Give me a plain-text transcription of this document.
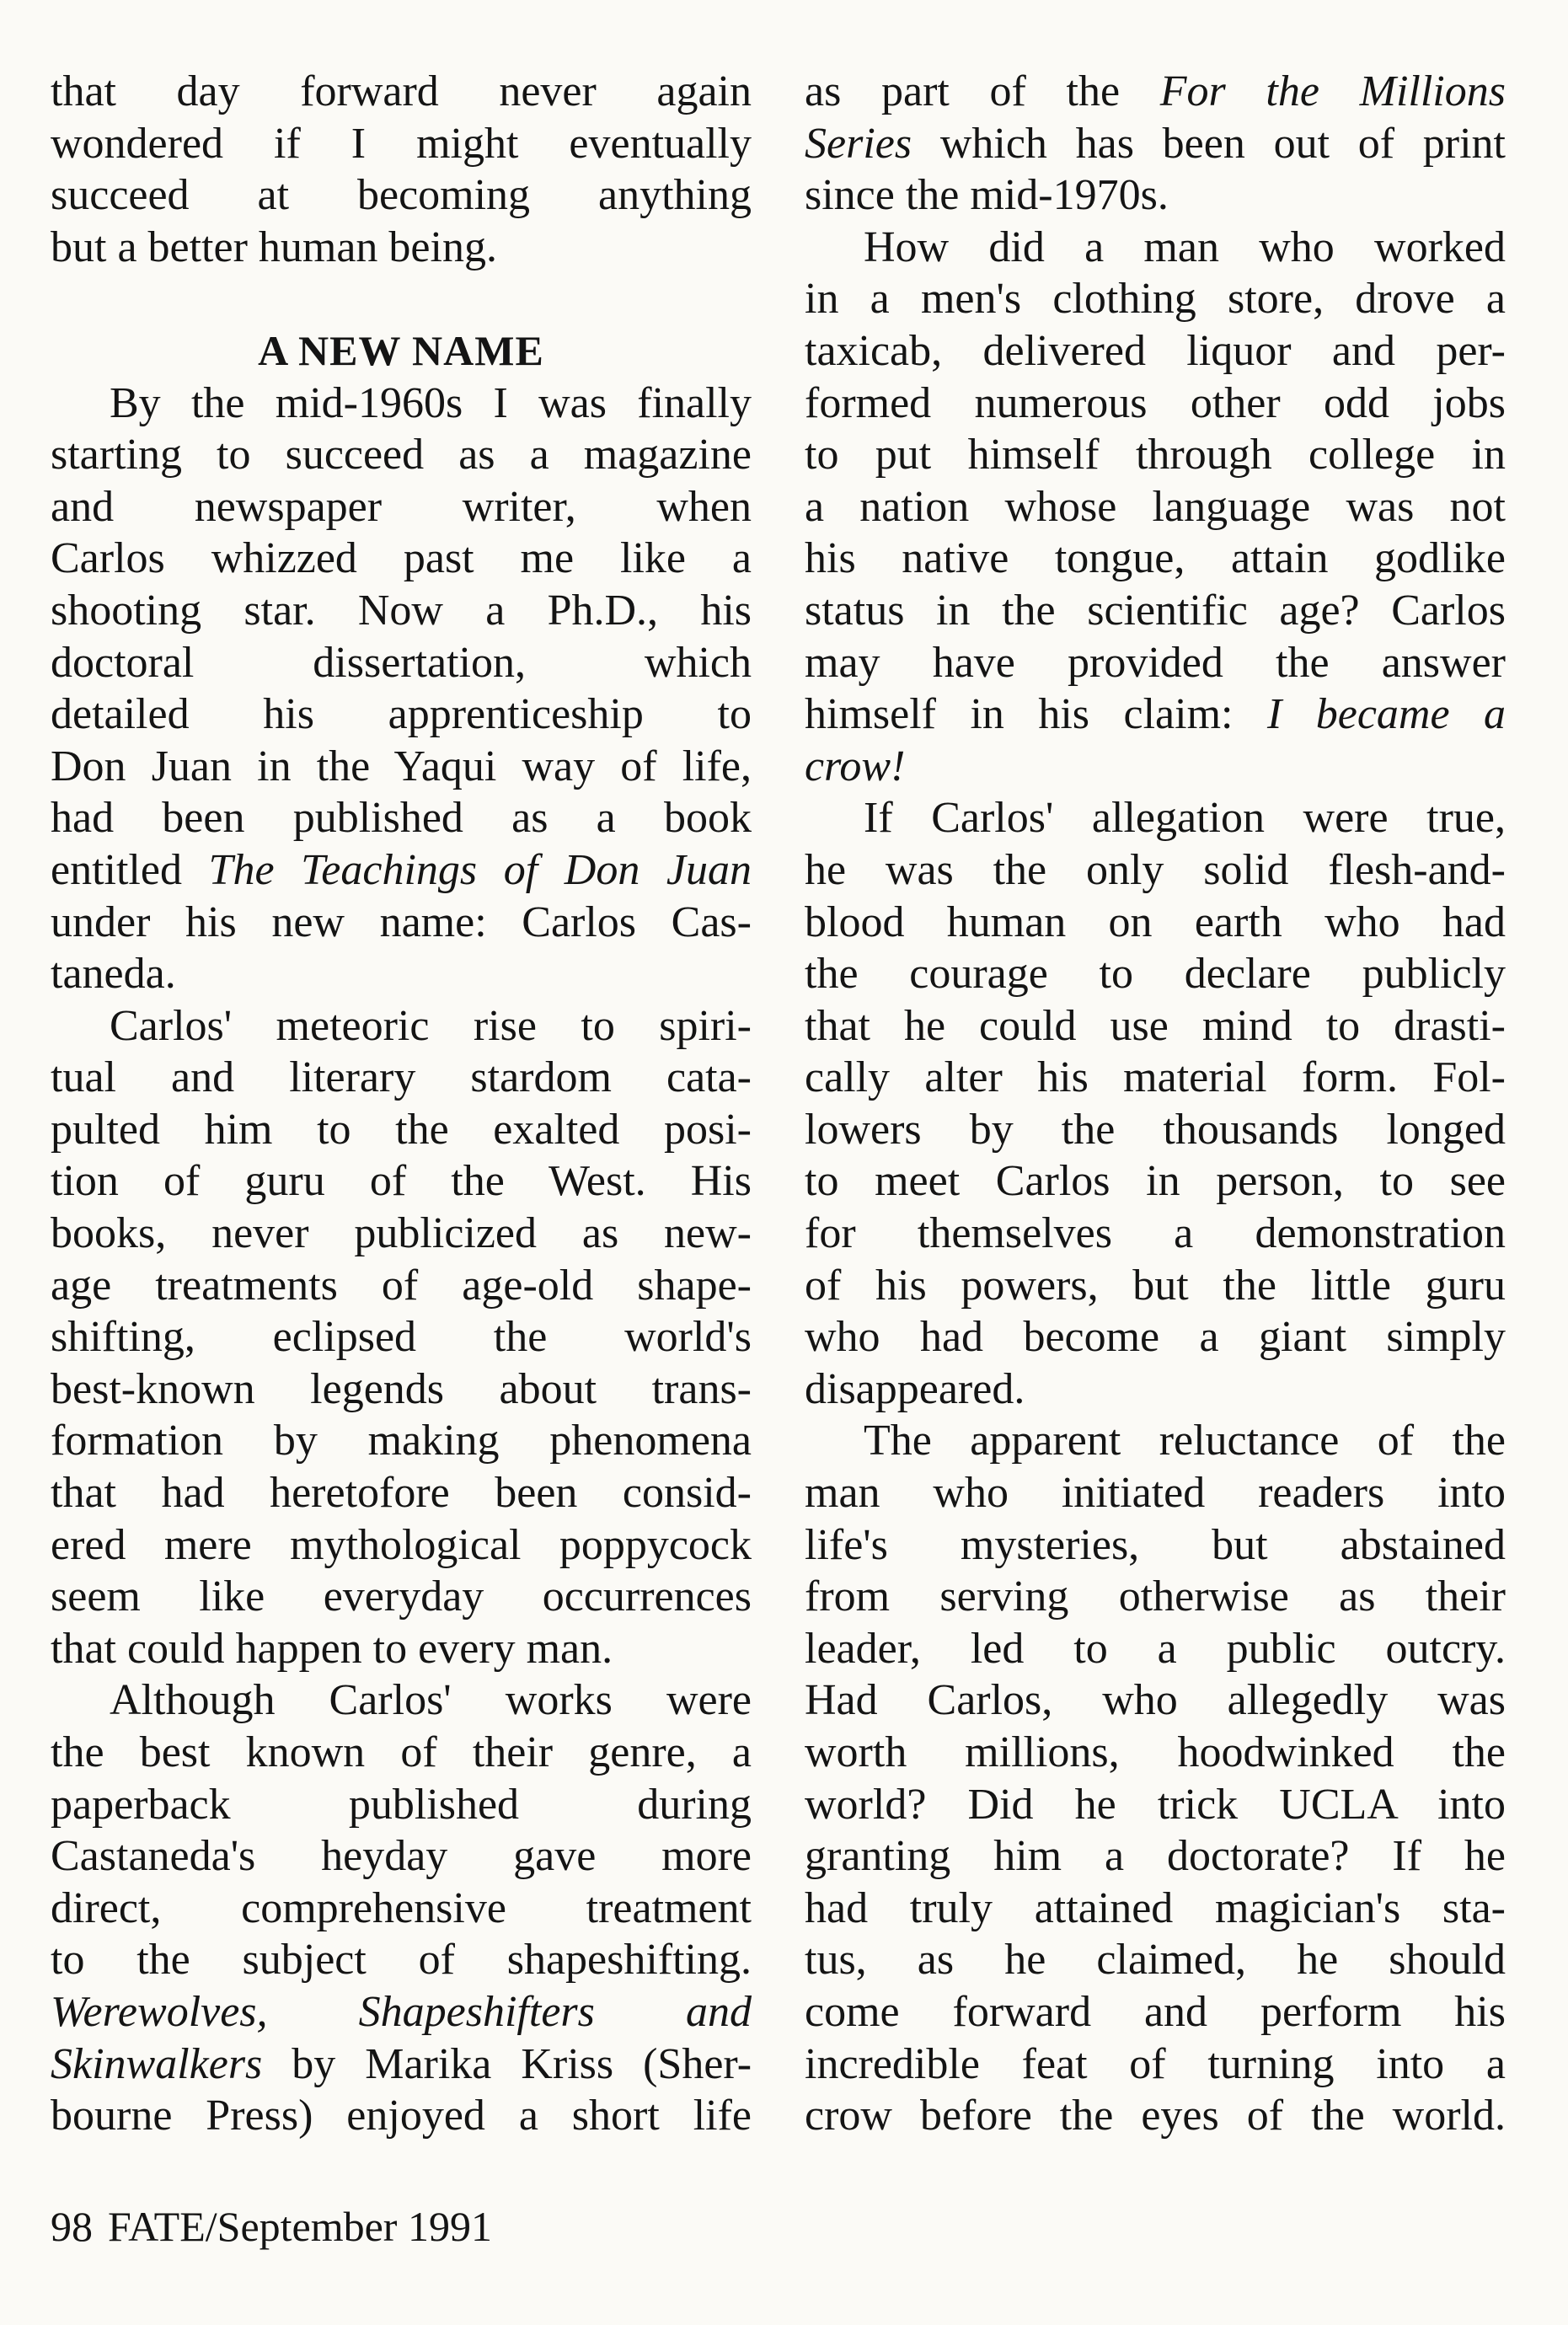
that day forward never again
wondered if I might eventually
succeed at becoming anything
but a better human being.
A NEW NAME
By the mid-1960s I was finally
starting to succeed as a magazine
and newspaper writer, when
Carlos whizzed past me like a
shooting star. Now a Ph.D., his
doctoral dissertation, which
detailed his apprenticeship to
Don Juan in the Yaqui way of life,
had been published as a book
entitled The Teachings of Don Juan
under his new name: Carlos Cas-
taneda.
Carlos' meteoric rise to spiri-
tual and literary stardom cata-
pulted him to the exalted posi-
tion of guru of the West. His
books, never publicized as new-
age treatments of age-old shape-
shifting, eclipsed the world's
best-known legends about trans-
formation by making phenomena
that had heretofore been consid-
ered mere mythological poppycock
seem like everyday occurrences
that could happen to every man.
Although Carlos' works were
the best known of their genre, a
paperback published during
Castaneda's heyday gave more
direct, comprehensive treatment
to the subject of shapeshifting.
Werewolves, Shapeshifters and
Skinwalkers by Marika Kriss (Sher-
bourne Press) enjoyed a short life
as part of the For the Millions
Series which has been out of print
since the mid-1970s.
How did a man who worked
in a men's clothing store, drove a
taxicab, delivered liquor and per-
formed numerous other odd jobs
to put himself through college in
a nation whose language was not
his native tongue, attain godlike
status in the scientific age? Carlos
may have provided the answer
himself in his claim: I became a
crow!
If Carlos' allegation were true,
he was the only solid flesh-and-
blood human on earth who had
the courage to declare publicly
that he could use mind to drasti-
cally alter his material form. Fol-
lowers by the thousands longed
to meet Carlos in person, to see
for themselves a demonstration
of his powers, but the little guru
who had become a giant simply
disappeared.
The apparent reluctance of the
man who initiated readers into
life's mysteries, but abstained
from serving otherwise as their
leader, led to a public outcry.
Had Carlos, who allegedly was
worth millions, hoodwinked the
world? Did he trick UCLA into
granting him a doctorate? If he
had truly attained magician's sta-
tus, as he claimed, he should
come forward and perform his
incredible feat of turning into a
crow before the eyes of the world.
98 FATE/September 1991
